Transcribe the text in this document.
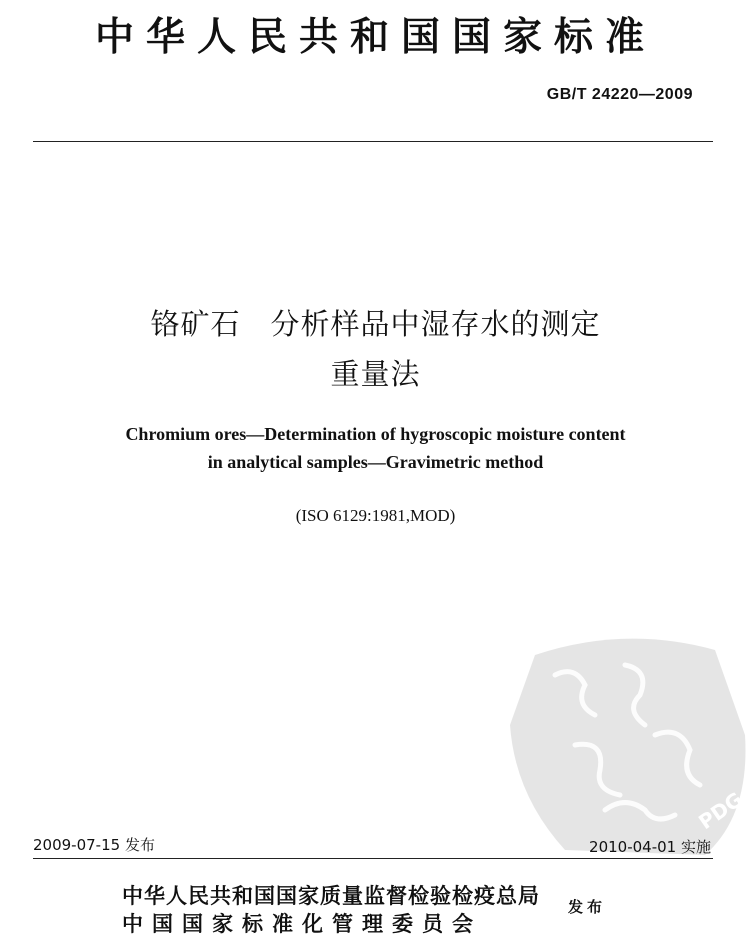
中华人民共和国国家标准
GB/T 24220—2009
铬矿石　分析样品中湿存水的测定
重量法
Chromium ores—Determination of hygroscopic moisture content
in analytical samples—Gravimetric method
(ISO 6129:1981,MOD)
PDG
2009-07-15 发布	2010-04-01 实施
中华人民共和国国家质量监督检验检疫总局
中国国家标准化管理委员会
发布
